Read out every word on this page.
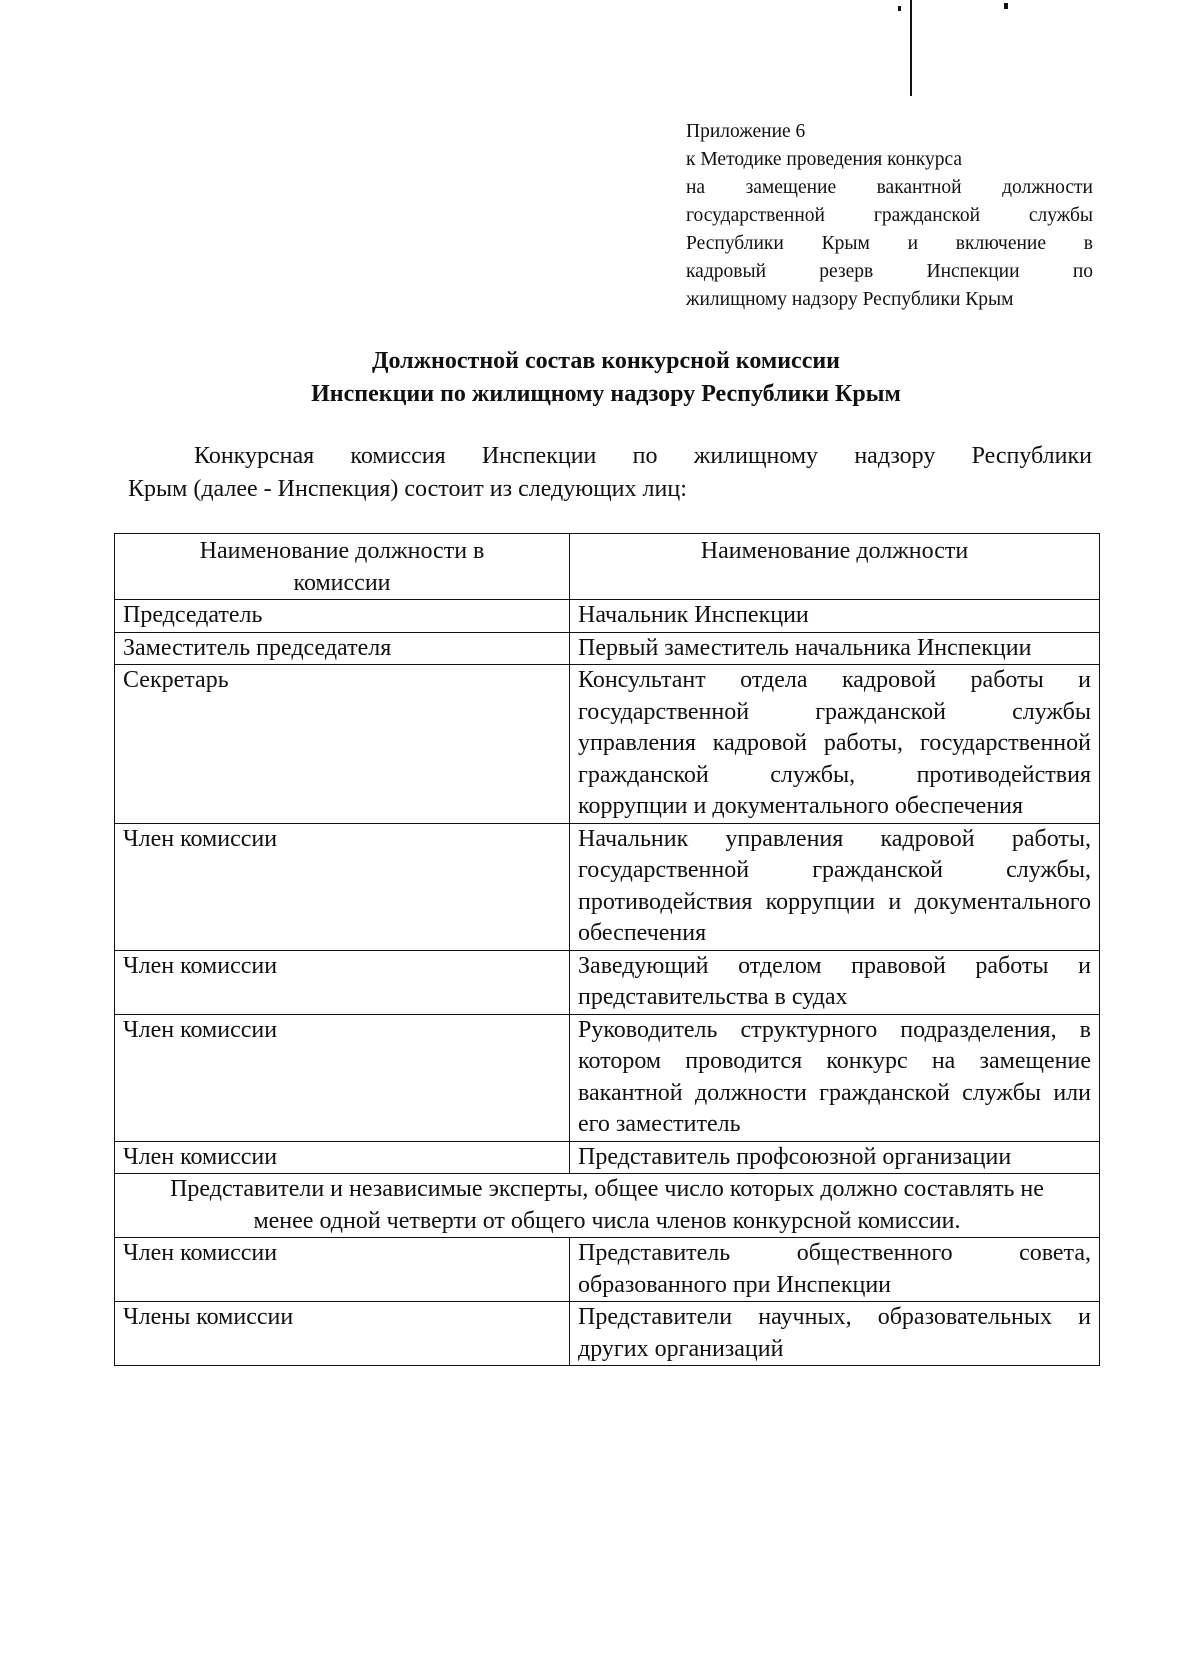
Приложение 6
к Методике проведения конкурса
на замещение вакантной должности
государственной гражданской службы
Республики Крым и включение в
кадровый резерв Инспекции по
жилищному надзору Республики Крым
Должностной состав конкурсной комиссии
Инспекции по жилищному надзору Республики Крым
Конкурсная комиссия Инспекции по жилищному надзору Республики
Крым (далее - Инспекция) состоит из следующих лиц:
Наименование должности в комиссии	Наименование должности
Председатель	Начальник Инспекции
Заместитель председателя	Первый заместитель начальника Инспекции
Секретарь	Консультант отдела кадровой работы и государственной гражданской службы управления кадровой работы, государственной гражданской службы, противодействия коррупции и документального обеспечения
Член комиссии	Начальник управления кадровой работы, государственной гражданской службы, противодействия коррупции и документального обеспечения
Член комиссии	Заведующий отделом правовой работы и представительства в судах
Член комиссии	Руководитель структурного подразделения, в котором проводится конкурс на замещение вакантной должности гражданской службы или его заместитель
Член комиссии	Представитель профсоюзной организации
Представители и независимые эксперты, общее число которых должно составлять не менее одной четверти от общего числа членов конкурсной комиссии.	
Член комиссии	Представитель общественного совета, образованного при Инспекции
Члены комиссии	Представители научных, образовательных и других организаций
